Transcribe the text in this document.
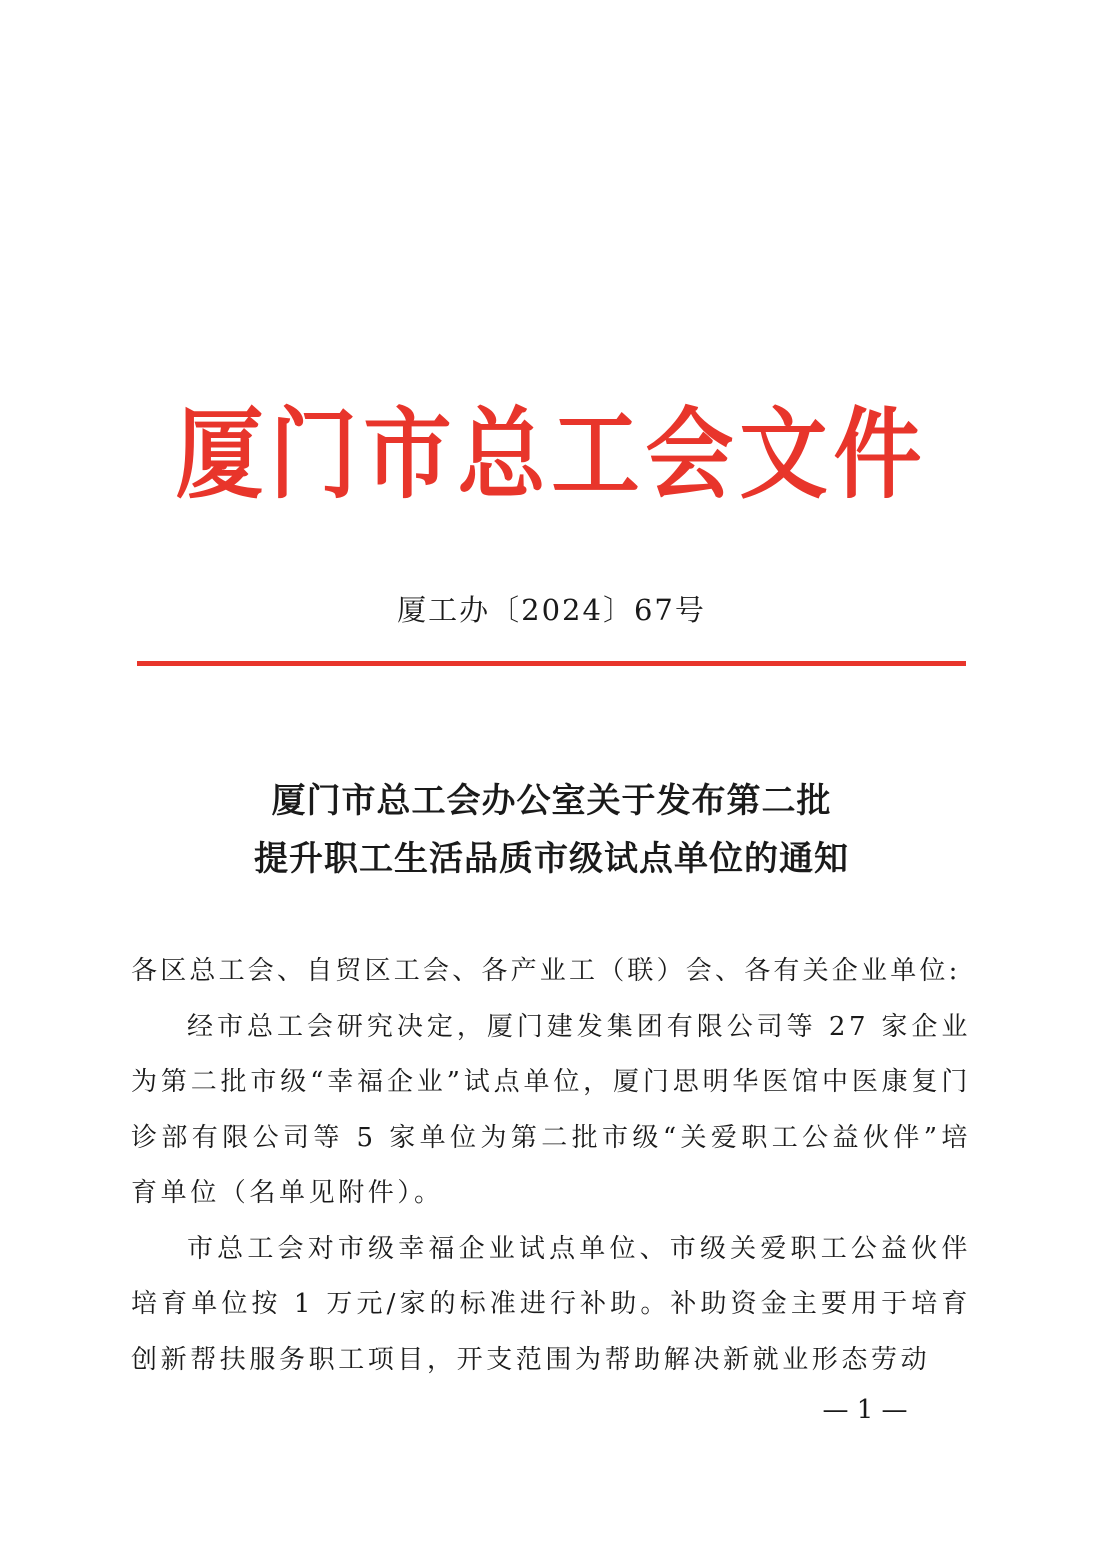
厦门市总工会文件
厦工办〔2024〕67号
厦门市总工会办公室关于发布第二批
提升职工生活品质市级试点单位的通知

各区总工会、自贸区工会、各产业工（联）会、各有关企业单位:

经市总工会研究决定，厦门建发集团有限公司等 27 家企业为第二批市级“幸福企业”试点单位，厦门思明华医馆中医康复门诊部有限公司等 5 家单位为第二批市级“关爱职工公益伙伴”培育单位（名单见附件）。

市总工会对市级幸福企业试点单位、市级关爱职工公益伙伴培育单位按 1 万元/家的标准进行补助。补助资金主要用于培育创新帮扶服务职工项目，开支范围为帮助解决新就业形态劳动

— 1 —
